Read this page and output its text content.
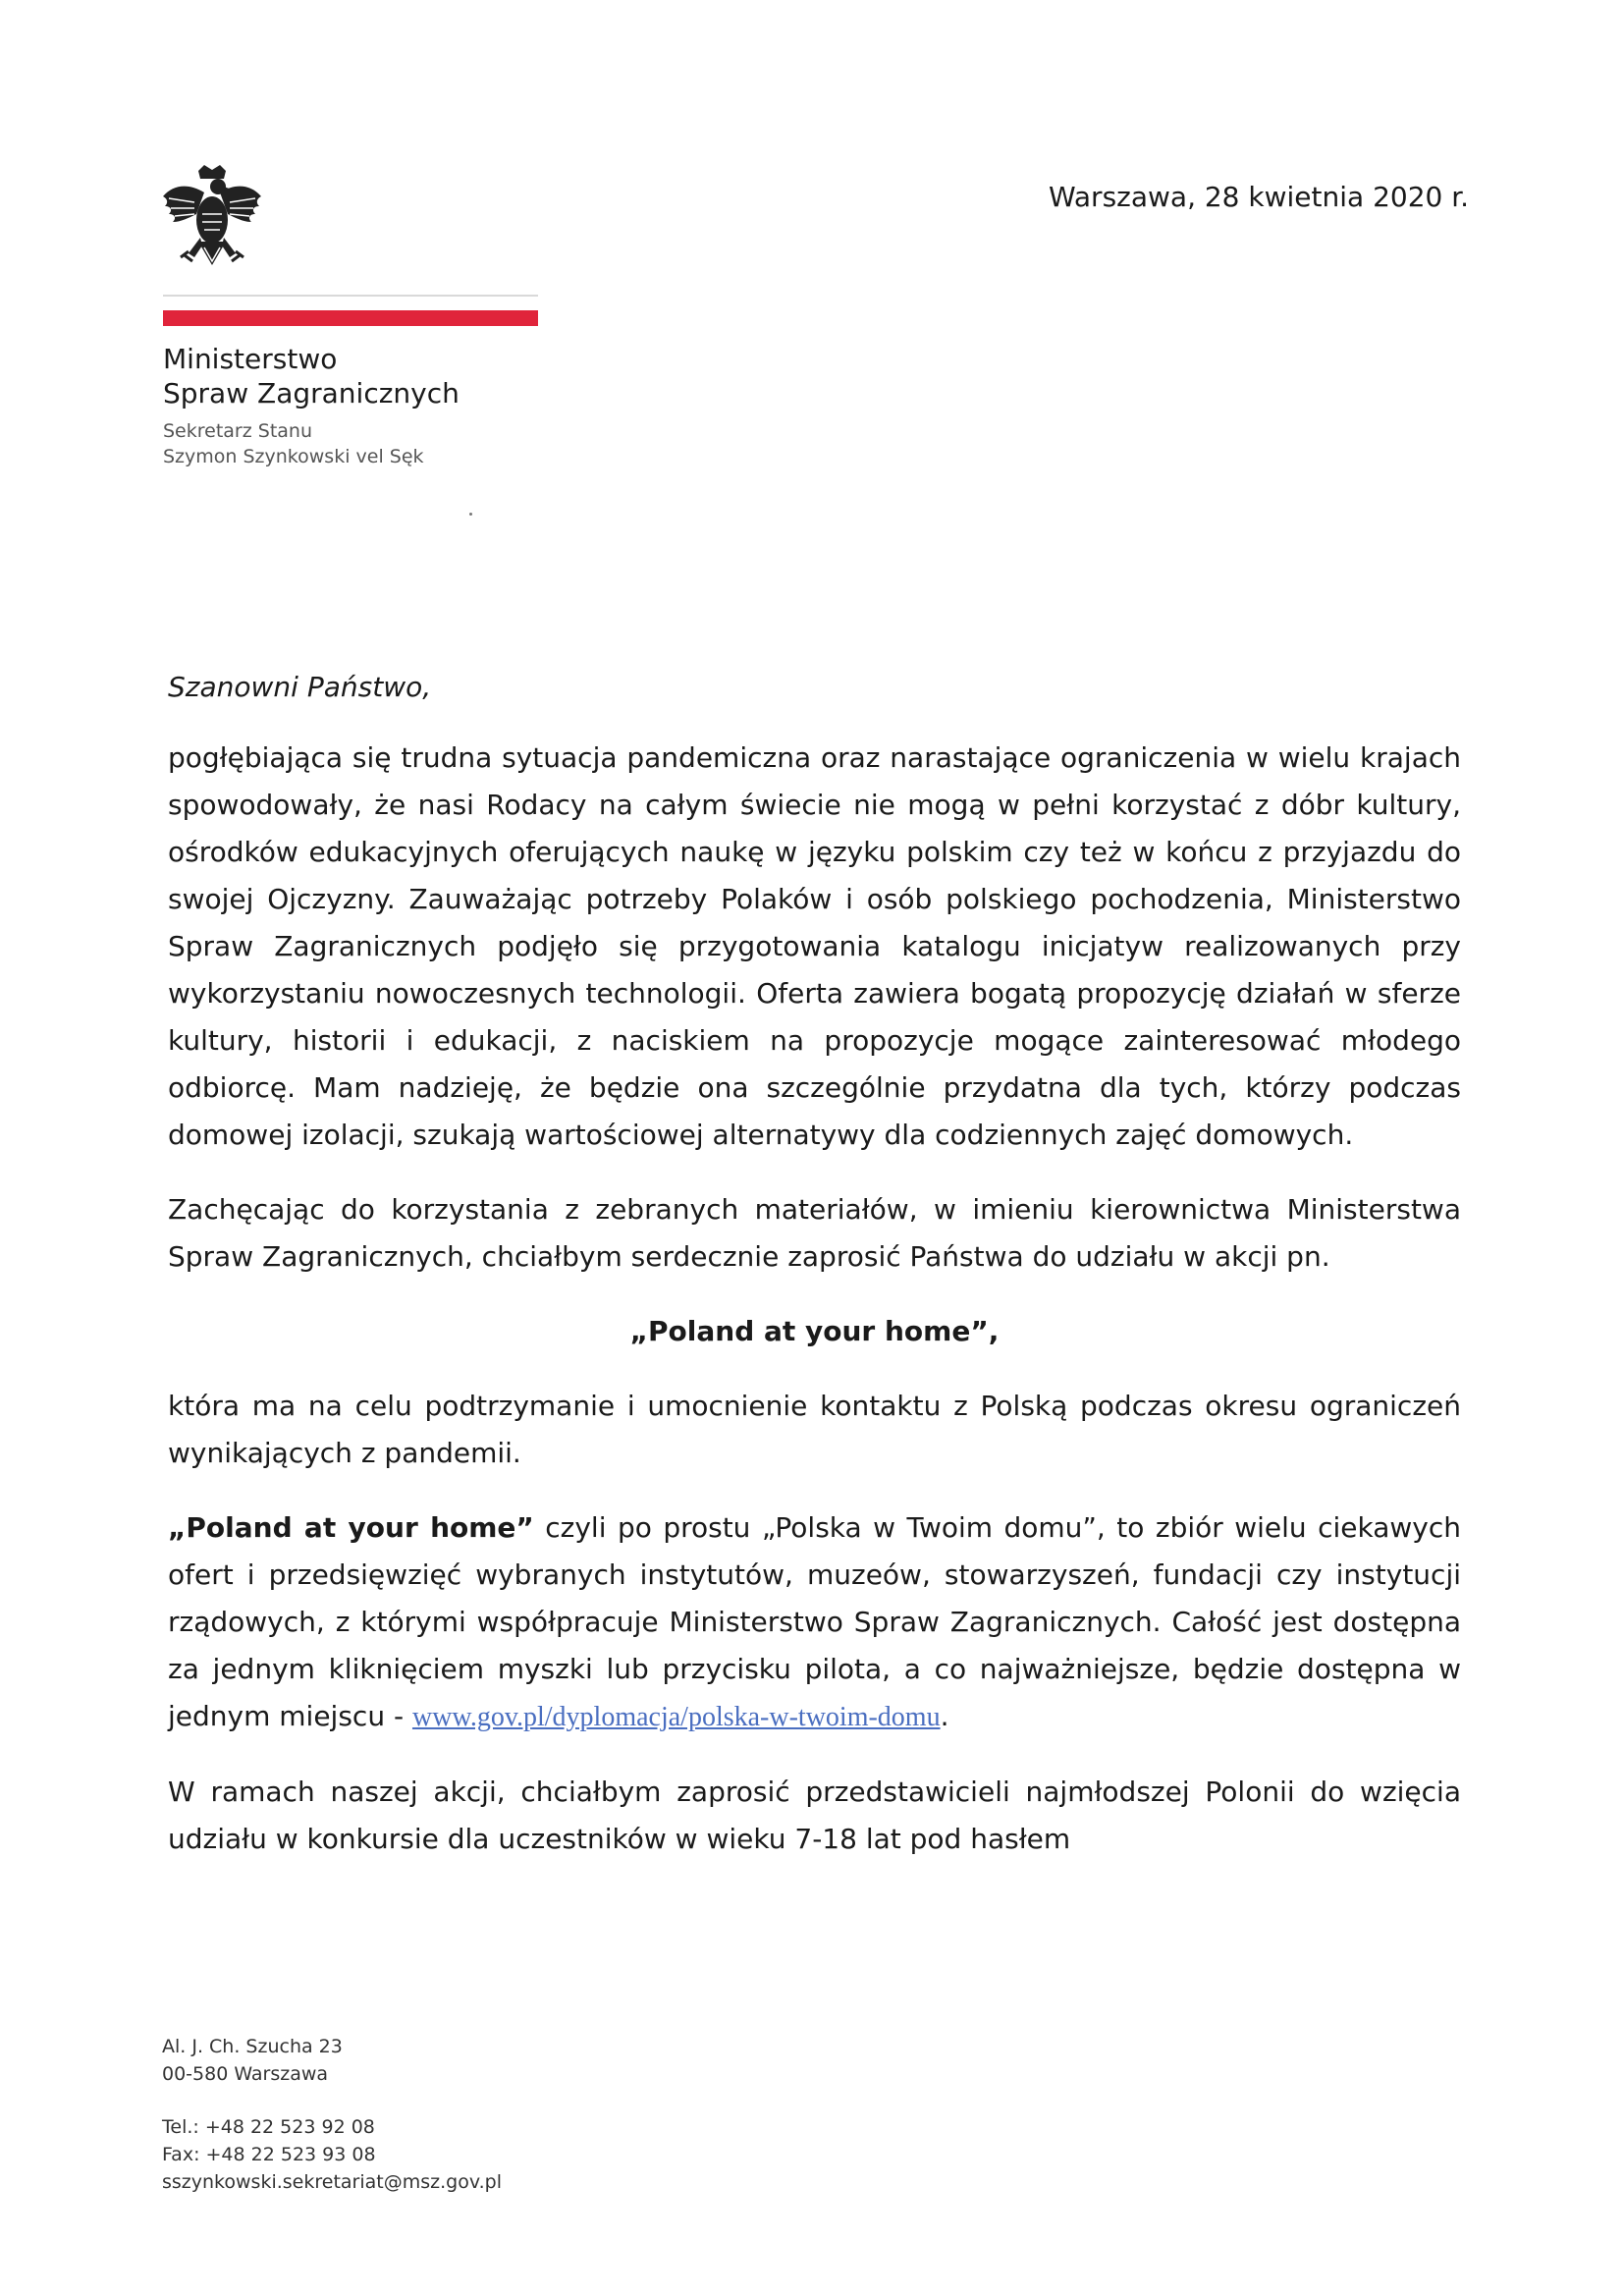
Ministerstwo
Spraw Zagranicznych
Sekretarz Stanu
Szymon Szynkowski vel Sęk
Warszawa, 28 kwietnia 2020 r.
Szanowni Państwo,

pogłębiająca się trudna sytuacja pandemiczna oraz narastające ograniczenia w wielu krajach spowodowały, że nasi Rodacy na całym świecie nie mogą w pełni korzystać z dóbr kultury, ośrodków edukacyjnych oferujących naukę w języku polskim czy też w końcu z przyjazdu do swojej Ojczyzny. Zauważając potrzeby Polaków i osób polskiego pochodzenia, Ministerstwo Spraw Zagranicznych podjęło się przygotowania katalogu inicjatyw realizowanych przy wykorzystaniu nowoczesnych technologii. Oferta zawiera bogatą propozycję działań w sferze kultury, historii i edukacji, z naciskiem na propozycje mogące zainteresować młodego odbiorcę. Mam nadzieję, że będzie ona szczególnie przydatna dla tych, którzy podczas domowej izolacji, szukają wartościowej alternatywy dla codziennych zajęć domowych.

Zachęcając do korzystania z zebranych materiałów, w imieniu kierownictwa Ministerstwa Spraw Zagranicznych, chciałbym serdecznie zaprosić Państwa do udziału w akcji pn.

„Poland at your home”,

która ma na celu podtrzymanie i umocnienie kontaktu z Polską podczas okresu ograniczeń wynikających z pandemii.

„Poland at your home” czyli po prostu „Polska w Twoim domu”, to zbiór wielu ciekawych ofert i przedsięwzięć wybranych instytutów, muzeów, stowarzyszeń, fundacji czy instytucji rządowych, z którymi współpracuje Ministerstwo Spraw Zagranicznych. Całość jest dostępna za jednym kliknięciem myszki lub przycisku pilota, a co najważniejsze, będzie dostępna w jednym miejscu - www.gov.pl/dyplomacja/polska-w-twoim-domu.

W ramach naszej akcji, chciałbym zaprosić przedstawicieli najmłodszej Polonii do wzięcia udziału w konkursie dla uczestników w wieku 7-18 lat pod hasłem

Al. J. Ch. Szucha 23
00-580 Warszawa
Tel.: +48 22 523 92 08
Fax: +48 22 523 93 08
sszynkowski.sekretariat@msz.gov.pl
